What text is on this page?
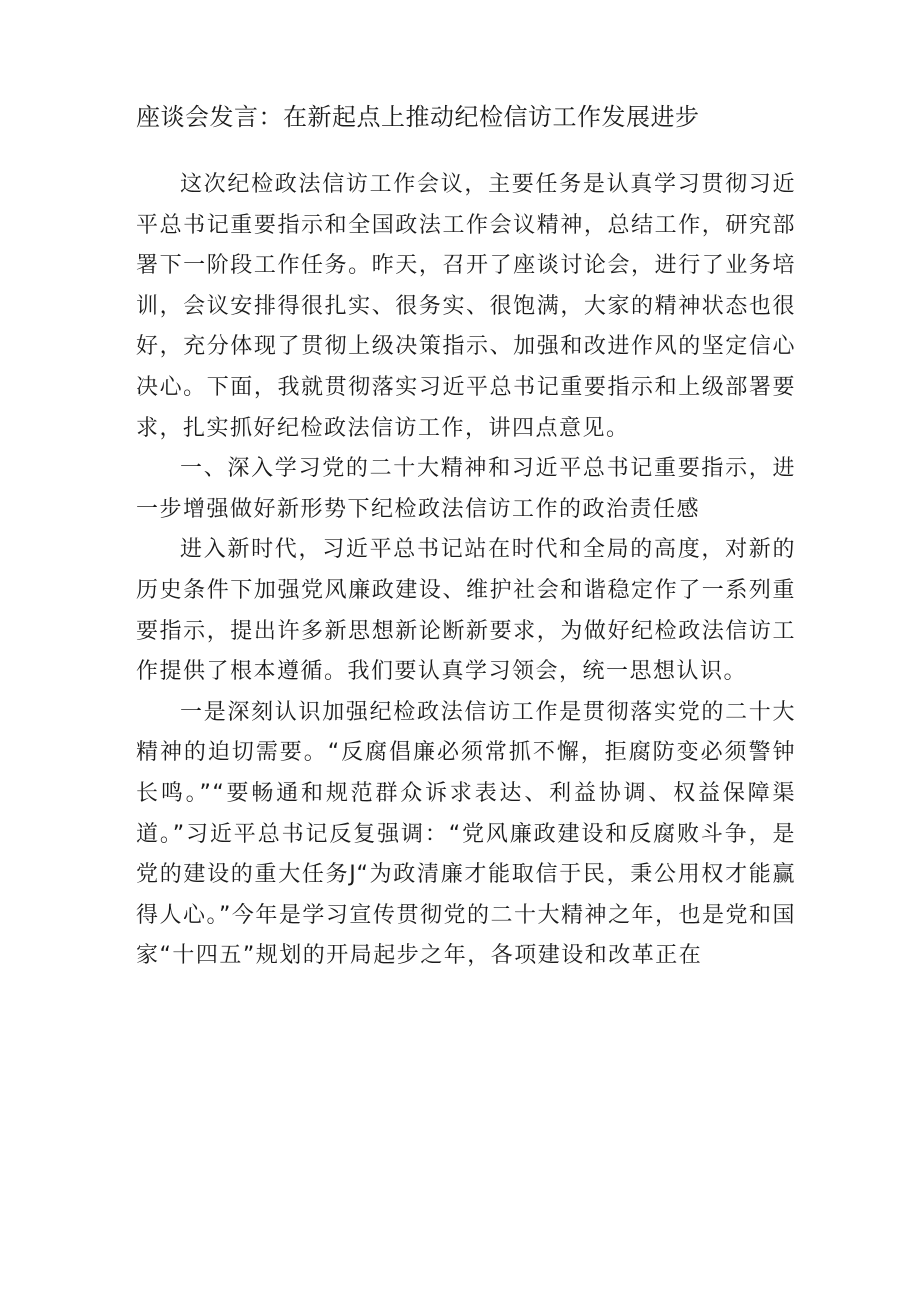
座谈会发言：在新起点上推动纪检信访工作发展进步

这次纪检政法信访工作会议，主要任务是认真学习贯彻习近平总书记重要指示和全国政法工作会议精神，总结工作，研究部署下一阶段工作任务。昨天，召开了座谈讨论会，进行了业务培训，会议安排得很扎实、很务实、很饱满，大家的精神状态也很好，充分体现了贯彻上级决策指示、加强和改进作风的坚定信心决心。下面，我就贯彻落实习近平总书记重要指示和上级部署要求，扎实抓好纪检政法信访工作，讲四点意见。

一、深入学习党的二十大精神和习近平总书记重要指示，进一步增强做好新形势下纪检政法信访工作的政治责任感

进入新时代，习近平总书记站在时代和全局的高度，对新的历史条件下加强党风廉政建设、维护社会和谐稳定作了一系列重要指示，提出许多新思想新论断新要求，为做好纪检政法信访工作提供了根本遵循。我们要认真学习领会，统一思想认识。

一是深刻认识加强纪检政法信访工作是贯彻落实党的二十大精神的迫切需要。“反腐倡廉必须常抓不懈，拒腐防变必须警钟长鸣。”“要畅通和规范群众诉求表达、利益协调、权益保障渠道。”习近平总书记反复强调：“党风廉政建设和反腐败斗争，是党的建设的重大任务J“为政清廉才能取信于民，秉公用权才能赢得人心。”今年是学习宣传贯彻党的二十大精神之年，也是党和国家“十四五”规划的开局起步之年，各项建设和改革正在
